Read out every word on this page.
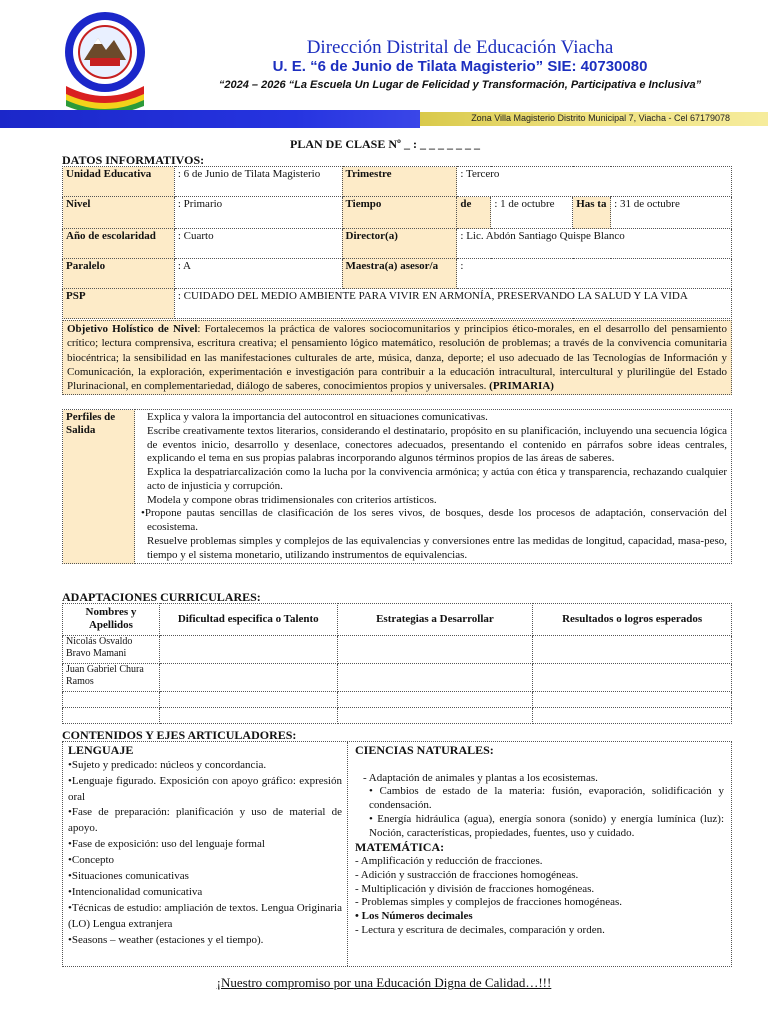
Dirección Distrital de Educación Viacha
U. E. “6 de Junio de Tilata Magisterio” SIE: 40730080
“2024 – 2026 “La Escuela Un Lugar de Felicidad y Transformación, Participativa e Inclusiva”
Zona Villa Magisterio Distrito Municipal 7, Viacha - Cel 67179078
PLAN DE CLASE Nº _ : _ _ _ _ _ _ _
DATOS INFORMATIVOS:
Unidad Educativa	: 6 de Junio de Tilata Magisterio	Trimestre	: Tercero			
Nivel	: Primario	Tiempo	de	: 1 de octubre	Has ta	: 31 de octubre
Año de escolaridad	: Cuarto	Director(a)	: Lic. Abdón Santiago Quispe Blanco			
Paralelo	: A	Maestra(a) asesor/a	:			
PSP	: CUIDADO DEL MEDIO AMBIENTE PARA VIVIR EN ARMONÍA, PRESERVANDO LA SALUD Y LA VIDA					
Objetivo Holístico de Nivel: Fortalecemos la práctica de valores sociocomunitarios y principios ético-morales, en el desarrollo del pensamiento crítico; lectura comprensiva, escritura creativa; el pensamiento lógico matemático, resolución de problemas; a través de la convivencia comunitaria biocéntrica; la sensibilidad en las manifestaciones culturales de arte, música, danza, deporte; el uso adecuado de las Tecnologías de Información y Comunicación, la exploración, experimentación e investigación para contribuir a la educación intracultural, intercultural y plurilingüe del Estado Plurinacional, en complementariedad, diálogo de saberes, conocimientos propios y universales. (PRIMARIA)
Perfiles de Salida	
Explica y valora la importancia del autocontrol en situaciones comunicativas.
Escribe creativamente textos literarios, considerando el destinatario, propósito en su planificación, incluyendo una secuencia lógica de eventos inicio, desarrollo y desenlace, conectores adecuados, presentando el contenido en párrafos sobre ideas centrales, explicando el tema en sus propias palabras incorporando algunos términos propios de las áreas de saberes.
Explica la despatriarcalización como la lucha por la convivencia armónica; y actúa con ética y transparencia, rechazando cualquier acto de injusticia y corrupción.
Modela y compone obras tridimensionales con criterios artísticos.
• Propone pautas sencillas de clasificación de los seres vivos, de bosques, desde los procesos de adaptación, conservación del ecosistema.
Resuelve problemas simples y complejos de las equivalencias y conversiones entre las medidas de longitud, capacidad, masa-peso, tiempo y el sistema monetario, utilizando instrumentos de equivalencias.
ADAPTACIONES CURRICULARES:
Nombres y Apellidos	Dificultad especifica o Talento	Estrategias a Desarrollar	Resultados o logros esperados
Nicolás Osvaldo Bravo Mamani			
Juan Gabriel Chura Ramos			

CONTENIDOS Y EJES ARTICULADORES:
LENGUAJE
• Sujeto y predicado: núcleos y concordancia.
• Lenguaje figurado. Exposición con apoyo gráfico: expresión oral
• Fase de preparación: planificación y uso de material de apoyo.
• Fase de exposición: uso del lenguaje formal
• Concepto
• Situaciones comunicativas
• Intencionalidad comunicativa
• Técnicas de estudio: ampliación de textos. Lengua Originaria (LO) Lengua extranjera
• Seasons – weather (estaciones y el tiempo).
CIENCIAS NATURALES:
- Adaptación de animales y plantas a los ecosistemas.
• Cambios de estado de la materia: fusión, evaporación, solidificación y condensación.
• Energía hidráulica (agua), energía sonora (sonido) y energía lumínica (luz): Noción, características, propiedades, fuentes, uso y cuidado.
MATEMÁTICA:
- Amplificación y reducción de fracciones.
- Adición y sustracción de fracciones homogéneas.
- Multiplicación y división de fracciones homogéneas.
- Problemas simples y complejos de fracciones homogéneas.
• Los Números decimales
- Lectura y escritura de decimales, comparación y orden.
¡Nuestro compromiso por una Educación Digna de Calidad…!!!
